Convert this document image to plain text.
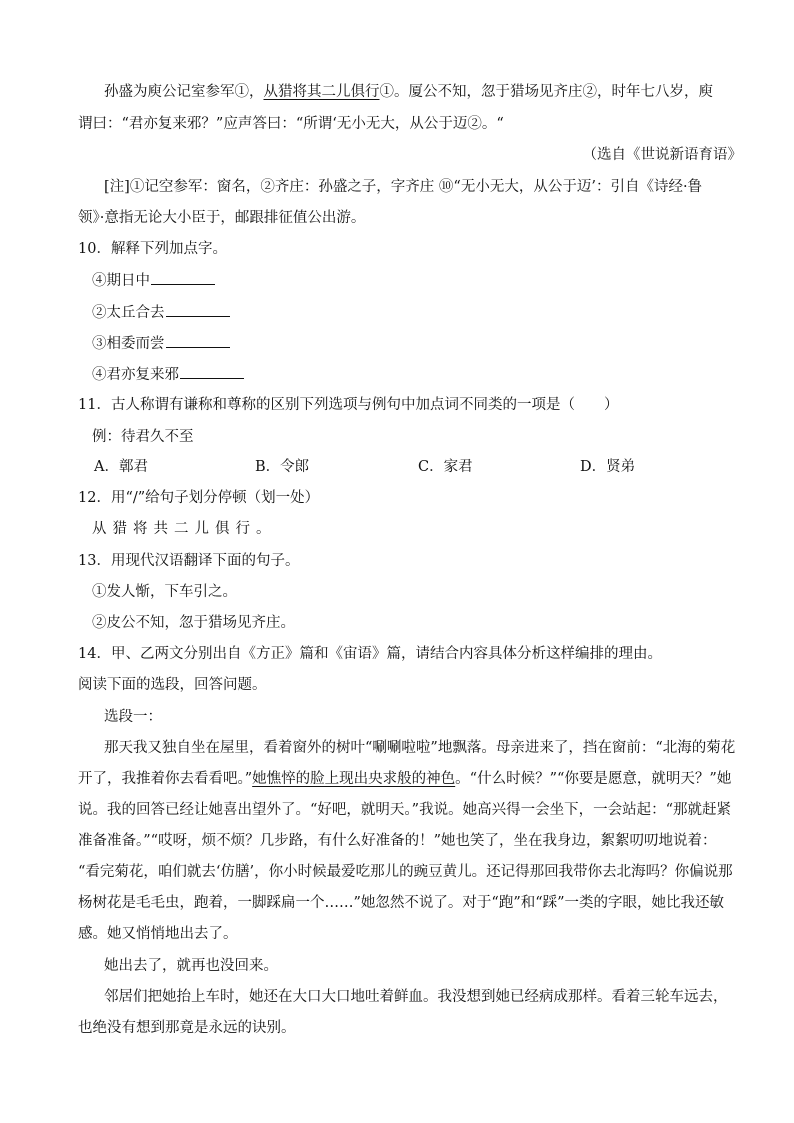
孙盛为庾公记室参军①，从猎将其二儿俱行①。厦公不知，忽于猎场见齐庄②，时年七八岁，庾
谓曰：“君亦复来邪？”应声答曰：“所谓‘无小无大，从公于迈②。“
（选自《世说新语育语》
[注]①记空参军：窗名，②齐庄：孙盛之子，字齐庄 ⑩“无小无大，从公于迈’：引自《诗经·鲁
领》·意指无论大小臣于，邮跟排征值公出游。
10．解释下列加点字。
④期日中
②太丘合去
③相委而尝
④君亦复来邪
11．古人称谓有谦称和尊称的区别下列选项与例句中加点词不同类的一项是（　　）
例：待君久不至
A．鄣君	B．令郎	C．家君	D．贤弟
12．用“/”给句子划分停顿（划一处）
从猎将共二儿俱行。
13．用现代汉语翻译下面的句子。
①发人惭，下车引之。
②皮公不知，忽于猎场见齐庄。
14．甲、乙两文分别出自《方正》篇和《宙语》篇，请结合内容具体分析这样编排的理由。
阅读下面的选段，回答问题。
选段一：
那天我又独自坐在屋里，看着窗外的树叶“唰唰啦啦”地飘落。母亲进来了，挡在窗前：“北海的菊花
开了，我推着你去看看吧。”她憔悴的脸上现出央求般的神色。“什么时候？”“你要是愿意，就明天？”她
说。我的回答已经让她喜出望外了。“好吧，就明天。”我说。她高兴得一会坐下，一会站起：“那就赶紧
准备准备。”“哎呀，烦不烦？几步路，有什么好准备的！”她也笑了，坐在我身边，絮絮叨叨地说着：
“看完菊花，咱们就去‘仿膳’，你小时候最爱吃那儿的豌豆黄儿。还记得那回我带你去北海吗？你偏说那
杨树花是毛毛虫，跑着，一脚踩扁一个……”她忽然不说了。对于“跑”和“踩”一类的字眼，她比我还敏
感。她又悄悄地出去了。
她出去了，就再也没回来。
邻居们把她抬上车时，她还在大口大口地吐着鲜血。我没想到她已经病成那样。看着三轮车远去，
也绝没有想到那竟是永远的诀别。
